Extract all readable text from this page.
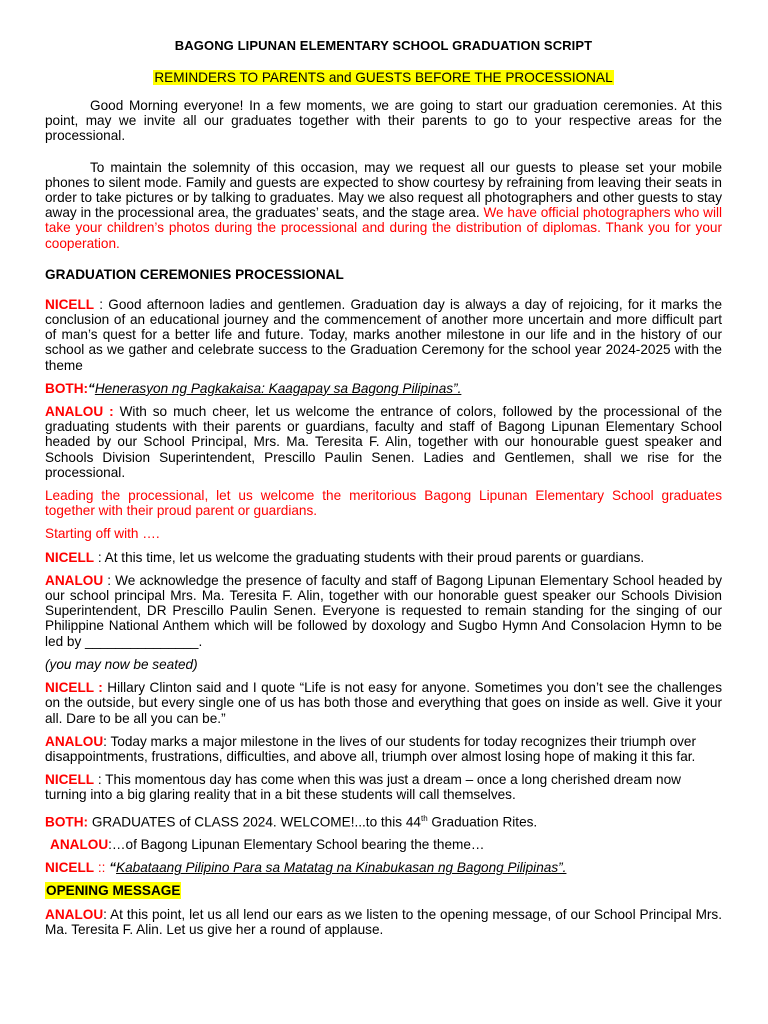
BAGONG LIPUNAN ELEMENTARY SCHOOL GRADUATION SCRIPT
REMINDERS TO PARENTS and GUESTS BEFORE THE PROCESSIONAL

Good Morning everyone! In a few moments, we are going to start our graduation ceremonies. At this point, may we invite all our graduates together with their parents to go to your respective areas for the processional.

To maintain the solemnity of this occasion, may we request all our guests to please set your mobile phones to silent mode. Family and guests are expected to show courtesy by refraining from leaving their seats in order to take pictures or by talking to graduates. May we also request all photographers and other guests to stay away in the processional area, the graduates’ seats, and the stage area. We have official photographers who will take your children’s photos during the processional and during the distribution of diplomas. Thank you for your cooperation.

GRADUATION CEREMONIES PROCESSIONAL

NICELL : Good afternoon ladies and gentlemen. Graduation day is always a day of rejoicing, for it marks the conclusion of an educational journey and the commencement of another more uncertain and more difficult part of man’s quest for a better life and future. Today, marks another milestone in our life and in the history of our school as we gather and celebrate success to the Graduation Ceremony for the school year 2024-2025 with the theme

BOTH:“Henerasyon ng Pagkakaisa: Kaagapay sa Bagong Pilipinas”.

ANALOU : With so much cheer, let us welcome the entrance of colors, followed by the processional of the graduating students with their parents or guardians, faculty and staff of Bagong Lipunan Elementary School headed by our School Principal, Mrs. Ma. Teresita F. Alin, together with our honourable guest speaker and Schools Division Superintendent, Prescillo Paulin Senen. Ladies and Gentlemen, shall we rise for the processional.

Leading the processional, let us welcome the meritorious Bagong Lipunan Elementary School graduates together with their proud parent or guardians.

Starting off with ….

NICELL : At this time, let us welcome the graduating students with their proud parents or guardians.

ANALOU : We acknowledge the presence of faculty and staff of Bagong Lipunan Elementary School headed by our school principal Mrs. Ma. Teresita F. Alin, together with our honorable guest speaker our Schools Division Superintendent, DR Prescillo Paulin Senen. Everyone is requested to remain standing for the singing of our Philippine National Anthem which will be followed by doxology and Sugbo Hymn And Consolacion Hymn to be led by _______________.

(you may now be seated)

NICELL : Hillary Clinton said and I quote “Life is not easy for anyone. Sometimes you don’t see the challenges on the outside, but every single one of us has both those and everything that goes on inside as well. Give it your all. Dare to be all you can be.”

ANALOU: Today marks a major milestone in the lives of our students for today recognizes their triumph over disappointments, frustrations, difficulties, and above all, triumph over almost losing hope of making it this far.

NICELL : This momentous day has come when this was just a dream – once a long cherished dream now turning into a big glaring reality that in a bit these students will call themselves.

BOTH: GRADUATES of CLASS 2024. WELCOME!...to this 44th Graduation Rites.

ANALOU:…of Bagong Lipunan Elementary School bearing the theme…

NICELL :: “Kabataang Pilipino Para sa Matatag na Kinabukasan ng Bagong Pilipinas”.

OPENING MESSAGE

ANALOU: At this point, let us all lend our ears as we listen to the opening message, of our School Principal Mrs. Ma. Teresita F. Alin. Let us give her a round of applause.
